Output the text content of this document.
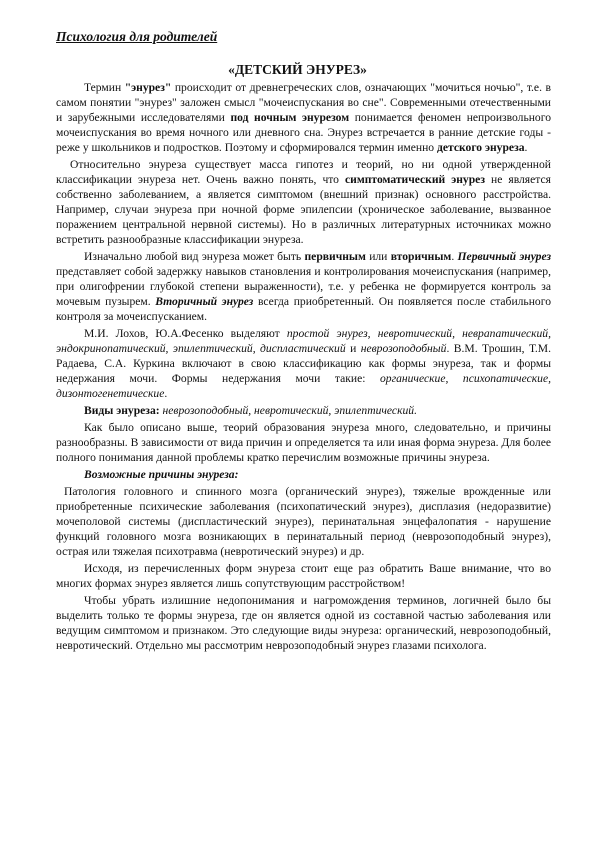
Психология для родителей
«ДЕТСКИЙ ЭНУРЕЗ»

Термин "энурез" происходит от древнегреческих слов, означающих "мочиться ночью", т.е. в самом понятии "энурез" заложен смысл "мочеиспускания во сне". Современными отечественными и зарубежными исследователями под ночным энурезом понимается феномен непроизвольного мочеиспускания во время ночного или дневного сна. Энурез встречается в ранние детские годы - реже у школьников и подростков. Поэтому и сформировался термин именно детского энуреза.

Относительно энуреза существует масса гипотез и теорий, но ни одной утвержденной классификации энуреза нет. Очень важно понять, что симптоматический энурез не является собственно заболеванием, а является симптомом (внешний признак) основного расстройства. Например, случаи энуреза при ночной форме эпилепсии (хроническое заболевание, вызванное поражением центральной нервной системы). Но в различных литературных источниках можно встретить разнообразные классификации энуреза.

Изначально любой вид энуреза может быть первичным или вторичным. Первичный энурез представляет собой задержку навыков становления и контролирования мочеиспускания (например, при олигофрении глубокой степени выраженности), т.е. у ребенка не формируется контроль за мочевым пузырем. Вторичный энурез всегда приобретенный. Он появляется после стабильного контроля за мочеиспусканием.

М.И. Лохов, Ю.А.Фесенко выделяют простой энурез, невротический, неврапатический, эндокринопатический, эпилептический, диспластический и неврозоподобный. В.М. Трошин, Т.М. Радаева, С.А. Куркина включают в свою классификацию как формы энуреза, так и формы недержания мочи. Формы недержания мочи такие: органические, психопатические, дизонтогенетические.

Виды энуреза: неврозоподобный, невротический, эпилептический.

Как было описано выше, теорий образования энуреза много, следовательно, и причины разнообразны. В зависимости от вида причин и определяется та или иная форма энуреза. Для более полного понимания данной проблемы кратко перечислим возможные причины энуреза.

Возможные причины энуреза:

Патология головного и спинного мозга (органический энурез), тяжелые врожденные или приобретенные психические заболевания (психопатический энурез), дисплазия (недоразвитие) мочеполовой системы (диспластический энурез), перинатальная энцефалопатия - нарушение функций головного мозга возникающих в перинатальный период (неврозоподобный энурез), острая или тяжелая психотравма (невротический энурез) и др.

Исходя, из перечисленных форм энуреза стоит еще раз обратить Ваше внимание, что во многих формах энурез является лишь сопутствующим расстройством!

Чтобы убрать излишние недопонимания и нагромождения терминов, логичней было бы выделить только те формы энуреза, где он является одной из составной частью заболевания или ведущим симптомом и признаком. Это следующие виды энуреза: органический, неврозоподобный, невротический. Отдельно мы рассмотрим неврозоподобный энурез глазами психолога.
